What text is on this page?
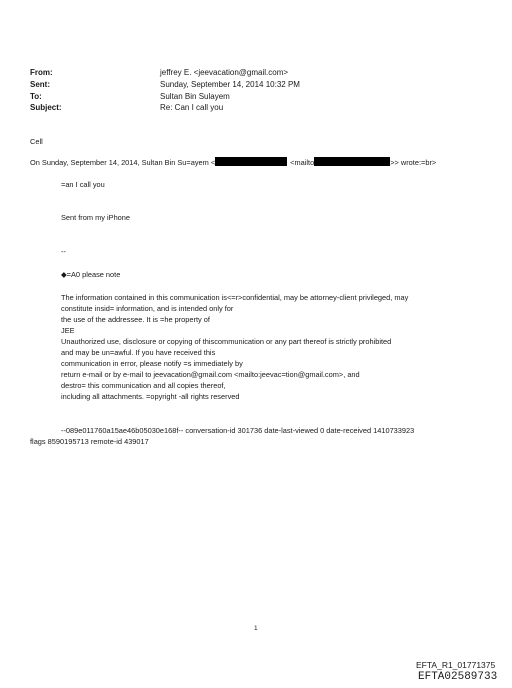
From:	jeffrey E. <jeevacation@gmail.com>
Sent:	Sunday, September 14, 2014 10:32 PM
To:	Sultan Bin Sulayem
Subject:	Re: Can I call you
Cell
On Sunday, September 14, 2014, Sultan Bin Su=ayem <	<mailto	>> wrote:=br>
=an I call you
Sent from my iPhone
--
◆=A0 please note
The information contained in this communication is<=r>confidential, may be attorney-client privileged, may
constitute insid= information, and is intended only for
the use of the addressee. It is =he property of
JEE
Unauthorized use, disclosure or copying of thiscommunication or any part thereof is strictly prohibited
and may be un=awful. If you have received this
communication in error, please notify =s immediately by
return e-mail or by e-mail to jeevacation@gmail.com <mailto:jeevac=tion@gmail.com>, and
destro= this communication and all copies thereof,
including all attachments. =opyright -all rights reserved
--089e011760a15ae46b05030e168f-- conversation-id 301736 date-last-viewed 0 date-received 1410733923
flags 8590195713 remote-id 439017
1
EFTA_R1_01771375
EFTA02589733
